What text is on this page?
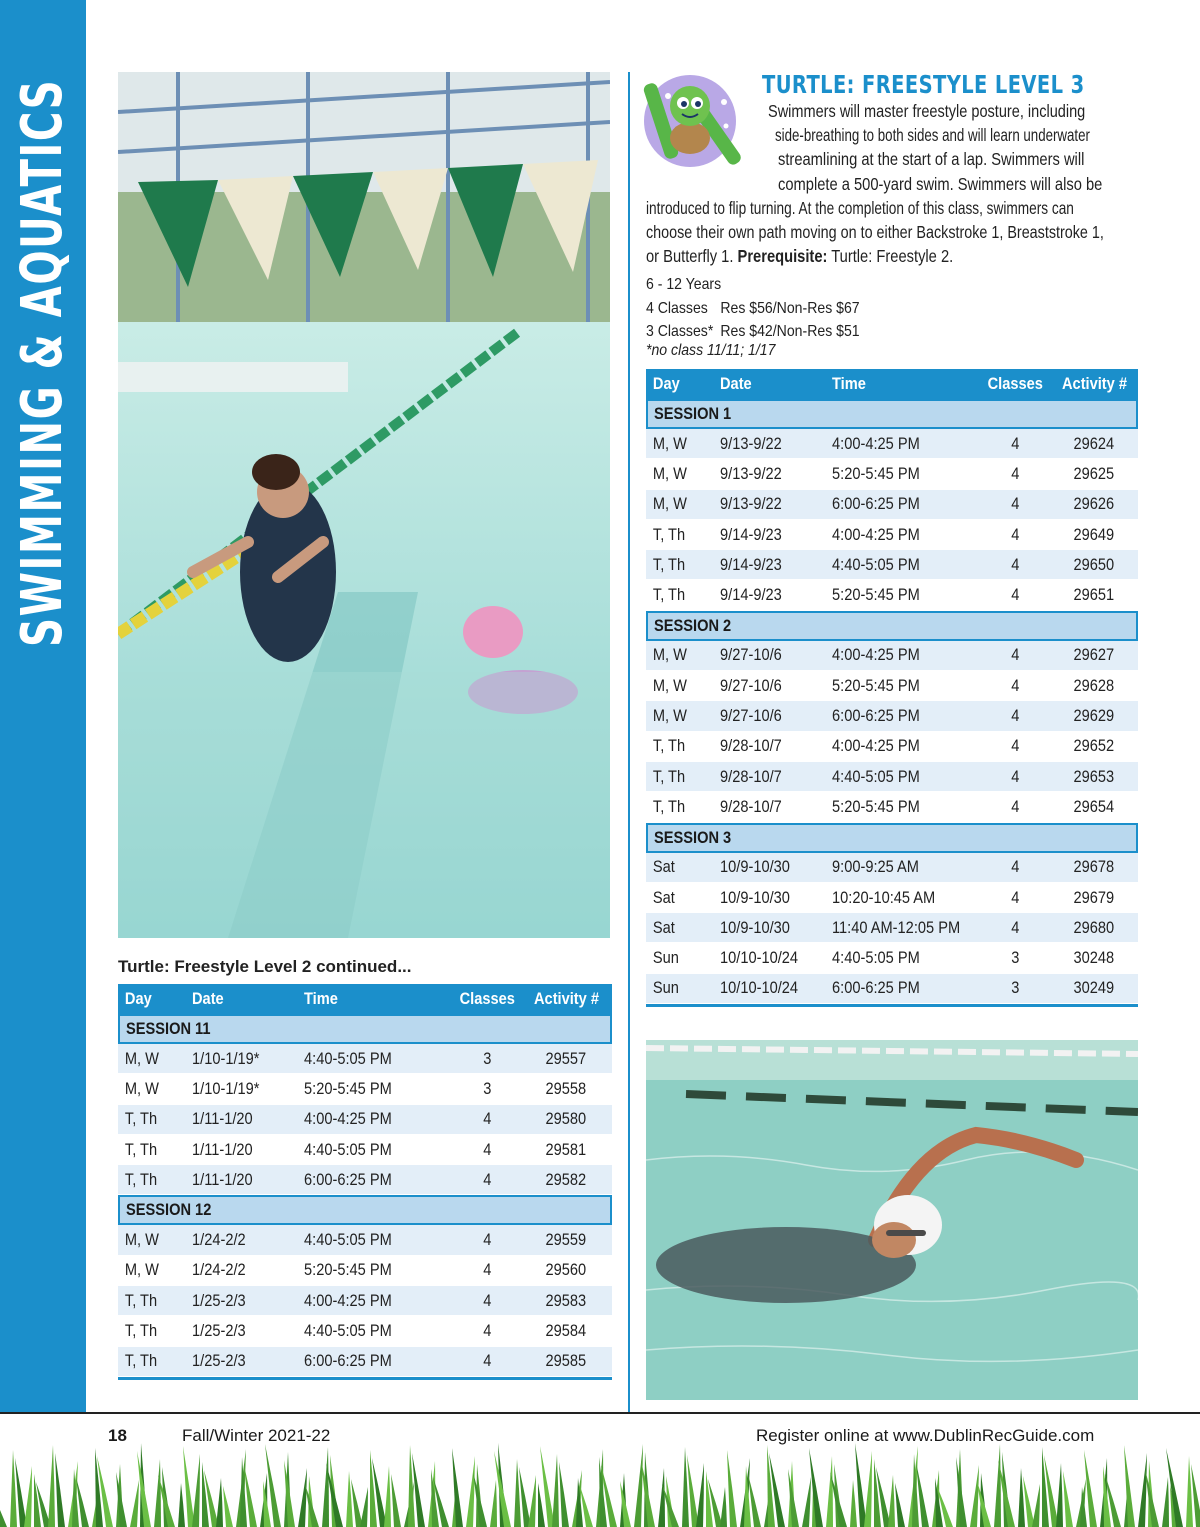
SWIMMING & AQUATICS	TURTLE: FREESTYLE LEVEL 3
Swimmers will master freestyle posture, including
side-breathing to both sides and will learn underwater
streamlining at the start of a lap. Swimmers will
complete a 500-yard swim. Swimmers will also be
introduced to flip turning. At the completion of this class, swimmers can
choose their own path moving on to either Backstroke 1, Breaststroke 1,
or Butterfly 1. Prerequisite: Turtle: Freestyle 2.
6 - 12 Years
4 Classes Res $56/Non-Res $67
3 Classes* Res $42/Non-Res $51
*no class 11/11; 1/17
Day	Date	Time	Classes	Activity #
SESSION 1
M, W	9/13-9/22	4:00-4:25 PM	4	29624
M, W	9/13-9/22	5:20-5:45 PM	4	29625
M, W	9/13-9/22	6:00-6:25 PM	4	29626
T, Th	9/14-9/23	4:00-4:25 PM	4	29649
T, Th	9/14-9/23	4:40-5:05 PM	4	29650
T, Th	9/14-9/23	5:20-5:45 PM	4	29651
SESSION 2
M, W	9/27-10/6	4:00-4:25 PM	4	29627
M, W	9/27-10/6	5:20-5:45 PM	4	29628
M, W	9/27-10/6	6:00-6:25 PM	4	29629
T, Th	9/28-10/7	4:00-4:25 PM	4	29652
T, Th	9/28-10/7	4:40-5:05 PM	4	29653
T, Th	9/28-10/7	5:20-5:45 PM	4	29654
SESSION 3
Sat	10/9-10/30	9:00-9:25 AM	4	29678
Sat	10/9-10/30	10:20-10:45 AM	4	29679
Sat	10/9-10/30	11:40 AM-12:05 PM	4	29680
Sun	10/10-10/24	4:40-5:05 PM	3	30248
Sun	10/10-10/24	6:00-6:25 PM	3	30249
Turtle: Freestyle Level 2 continued...
Day	Date	Time	Classes	Activity #
SESSION 11
M, W	1/10-1/19*	4:40-5:05 PM	3	29557
M, W	1/10-1/19*	5:20-5:45 PM	3	29558
T, Th	1/11-1/20	4:00-4:25 PM	4	29580
T, Th	1/11-1/20	4:40-5:05 PM	4	29581
T, Th	1/11-1/20	6:00-6:25 PM	4	29582
SESSION 12
M, W	1/24-2/2	4:40-5:05 PM	4	29559
M, W	1/24-2/2	5:20-5:45 PM	4	29560
T, Th	1/25-2/3	4:00-4:25 PM	4	29583
T, Th	1/25-2/3	4:40-5:05 PM	4	29584
T, Th	1/25-2/3	6:00-6:25 PM	4	29585
18	Fall/Winter 2021-22	Register online at www.DublinRecGuide.com
